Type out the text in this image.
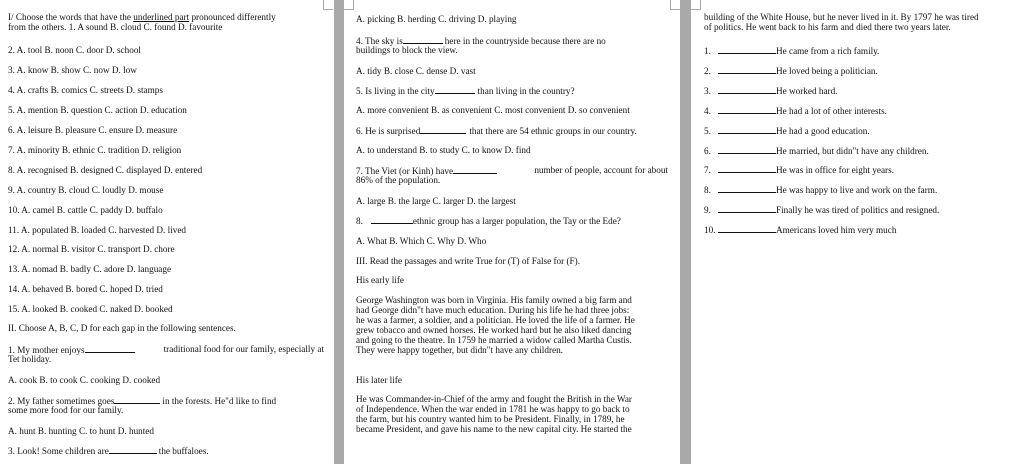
I/ Choose the words that have the underlined part pronounced differently
from the others. 1. A sound B. cloud C. found D. favourite
2. A. tool B. noon C. door D. school
3. A. know B. show C. now D. low
4. A. crafts B. comics C. streets D. stamps
5. A. mention B. question C. action D. education
6. A. leisure B. pleasure C. ensure D. measure
7. A. minority B. ethnic C. tradition D. religion
8. A. recognised B. designed C. displayed D. entered
9. A. country B. cloud C. loudly D. mouse
10. A. camel B. cattle C. paddy D. buffalo
11. A. populated B. loaded C. harvested D. lived
12. A. normal B. visitor C. transport D. chore
13. A. nomad B. badly C. adore D. language
14. A. behaved B. bored C. hoped D. tried
15. A. looked B. cooked C. naked D. booked
II. Choose A, B, C, D for each gap in the following sentences.
1. My mother enjoys	traditional food for our family, especially at
Tet holiday.
A. cook B. to cook C. cooking D. cooked
2. My father sometimes goes	in the forests. He"d like to find
some more food for our family.
A. hunt B. hunting C. to hunt D. hunted
3. Look! Some children are	the buffaloes.
A. picking B. herding C. driving D. playing
4. The sky is	here in the countryside because there are no
buildings to block the view.
A. tidy B. close C. dense D. vast
5. Is living in the city	than living in the country?
A. more convenient B. as convenient C. most convenient D. so convenient
6. He is surprised	that there are 54 ethnic groups in our country.
A. to understand B. to study C. to know D. find
7. The Viet (or Kinh) have	number of people, account for about
86% of the population.
A. large B. the large C. larger D. the largest
8.	ethnic group has a larger population, the Tay or the Ede?
A. What B. Which C. Why D. Who
III. Read the passages and write True for (T) of False for (F).
His early life
George Washington was born in Virginia. His family owned a big farm and
had George didn"t have much education. During his life he had three jobs:
he was a farmer, a soldier, and a politician. He loved the life of a farmer. He
grew tobacco and owned horses. He worked hard but he also liked dancing
and going to the theatre. In 1759 he married a widow called Martha Custis.
They were happy together, but didn"t have any children.
His later life
He was Commander-in-Chief of the army and fought the British in the War
of Independence. When the war ended in 1781 he was happy to go back to
the farm, but his country wanted him to be President. Finally, in 1789, he
became President, and gave his name to the new capital city. He started the
building of the White House, but he never lived in it. By 1797 he was tired
of politics. He went back to his farm and died there two years later.
1.	He came from a rich family.
2.	He loved being a politician.
3.	He worked hard.
4.	He had a lot of other interests.
5.	He had a good education.
6.	He married, but didn"t have any children.
7.	He was in office for eight years.
8.	He was happy to live and work on the farm.
9.	Finally he was tired of politics and resigned.
10.	Americans loved him very much
